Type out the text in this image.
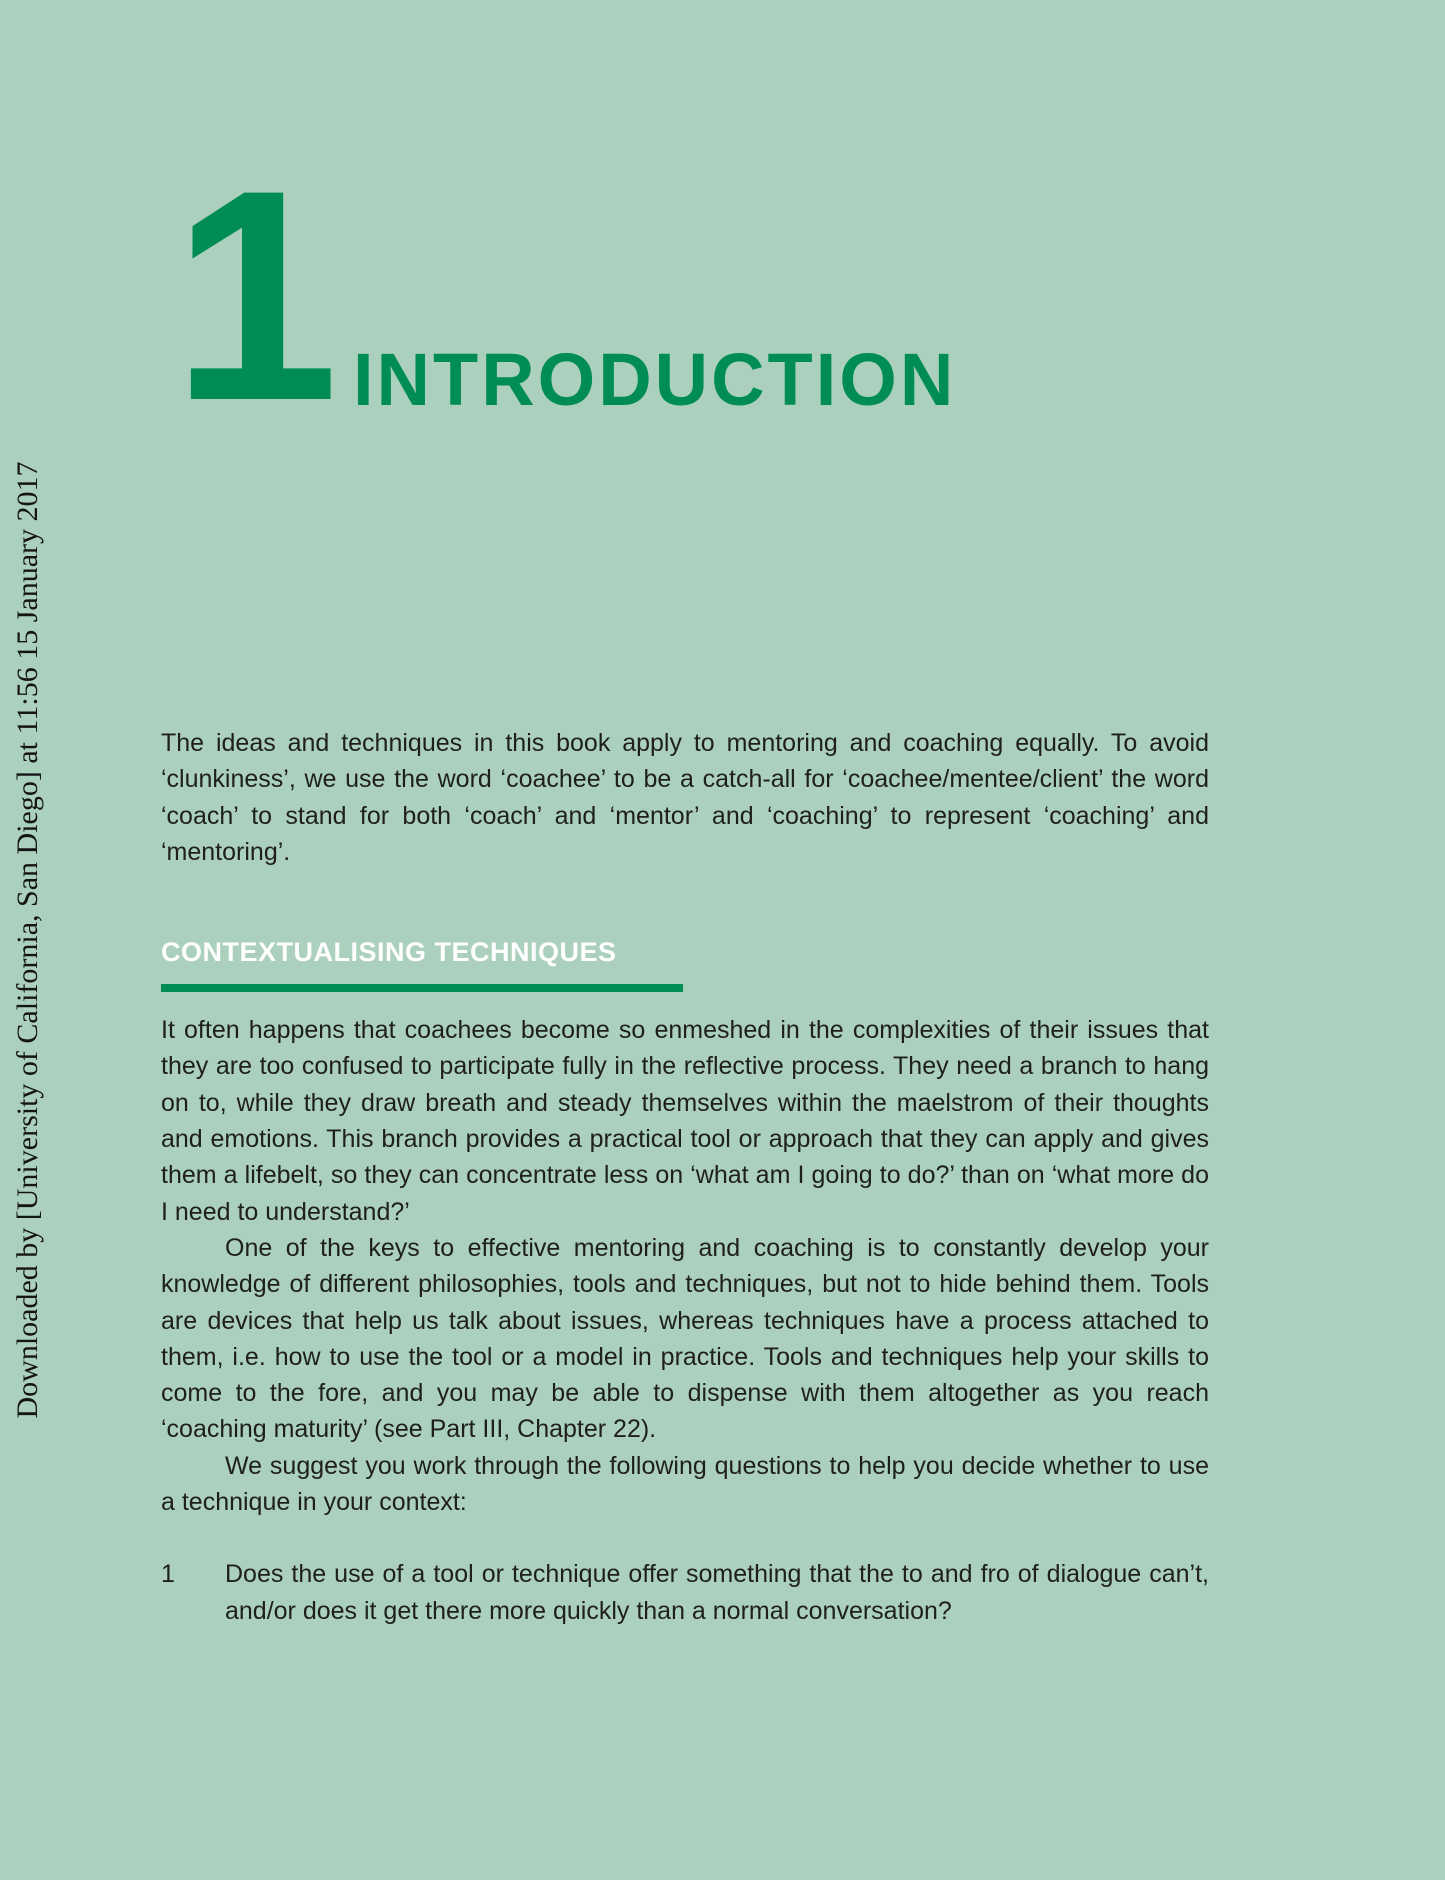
Downloaded by [University of California, San Diego] at 11:56 15 January 2017
1 INTRODUCTION

The ideas and techniques in this book apply to mentoring and coaching equally. To avoid ‘clunkiness’, we use the word ‘coachee’ to be a catch-all for ‘coachee/mentee/client’ the word ‘coach’ to stand for both ‘coach’ and ‘mentor’ and ‘coaching’ to represent ‘coaching’ and ‘mentoring’.

CONTEXTUALISING TECHNIQUES

It often happens that coachees become so enmeshed in the complexities of their issues that they are too confused to participate fully in the reflective process. They need a branch to hang on to, while they draw breath and steady themselves within the maelstrom of their thoughts and emotions. This branch provides a practical tool or approach that they can apply and gives them a lifebelt, so they can concentrate less on ‘what am I going to do?’ than on ‘what more do I need to understand?’

One of the keys to effective mentoring and coaching is to constantly develop your knowledge of different philosophies, tools and techniques, but not to hide behind them. Tools are devices that help us talk about issues, whereas techniques have a process attached to them, i.e. how to use the tool or a model in practice. Tools and techniques help your skills to come to the fore, and you may be able to dispense with them altogether as you reach ‘coaching maturity’ (see Part III, Chapter 22).

We suggest you work through the following questions to help you decide whether to use a technique in your context:

1	Does the use of a tool or technique offer something that the to and fro of dialogue can’t, and/or does it get there more quickly than a normal conversation?
